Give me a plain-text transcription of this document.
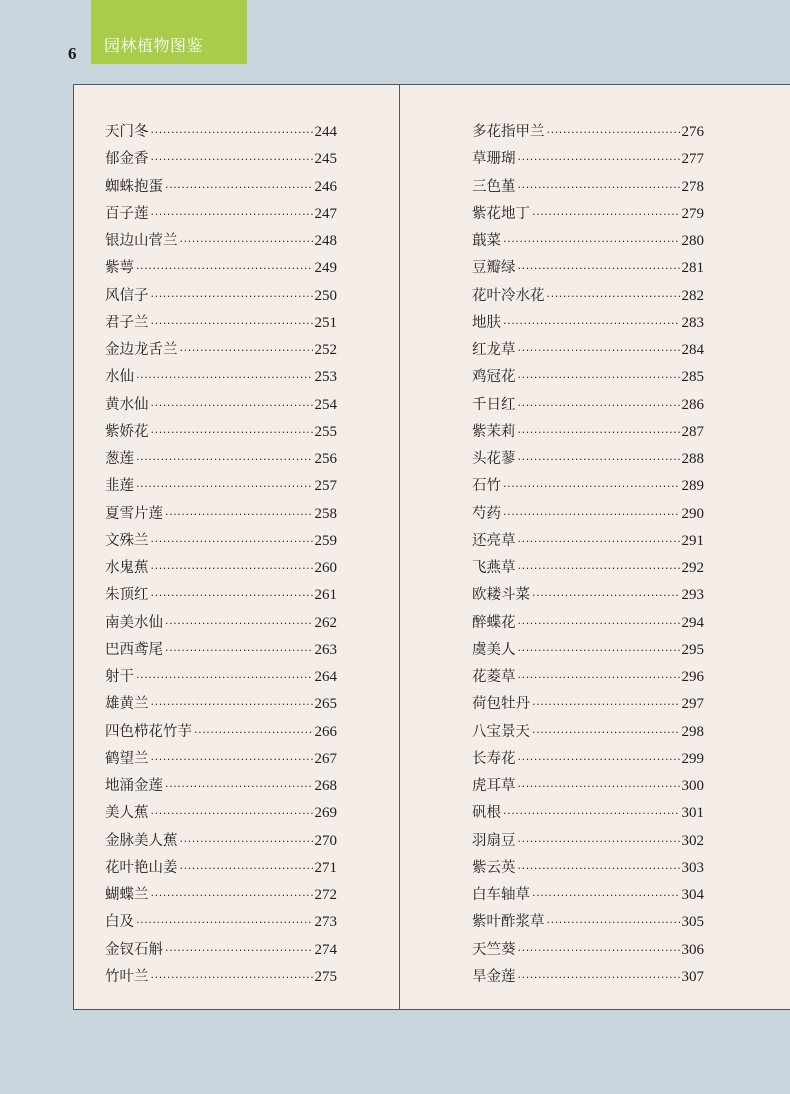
6 园林植物图鉴
天门冬 ·····	244
郁金香 ·····	245
蜘蛛抱蛋 ·····	246
百子莲 ·····	247
银边山菅兰 ·····	248
紫萼 ·····	249
风信子 ·····	250
君子兰 ·····	251
金边龙舌兰 ·····	252
水仙 ·····	253
黄水仙 ·····	254
紫娇花 ·····	255
葱莲 ·····	256
韭莲 ·····	257
夏雪片莲 ·····	258
文殊兰 ·····	259
水鬼蕉 ·····	260
朱顶红 ·····	261
南美水仙 ·····	262
巴西鸢尾 ·····	263
射干 ·····	264
雄黄兰 ·····	265
四色栉花竹芋 ·····	266
鹤望兰 ·····	267
地涌金莲 ·····	268
美人蕉 ·····	269
金脉美人蕉 ·····	270
花叶艳山姜 ·····	271
蝴蝶兰 ·····	272
白及 ·····	273
金钗石斛 ·····	274
竹叶兰 ·····	275
多花指甲兰 ·····	276
草珊瑚 ·····	277
三色堇 ·····	278
紫花地丁 ·····	279
蕺菜 ·····	280
豆瓣绿 ·····	281
花叶冷水花 ·····	282
地肤 ·····	283
红龙草 ·····	284
鸡冠花 ·····	285
千日红 ·····	286
紫茉莉 ·····	287
头花蓼 ·····	288
石竹 ·····	289
芍药 ·····	290
还亮草 ·····	291
飞燕草 ·····	292
欧耧斗菜 ·····	293
醉蝶花 ·····	294
虞美人 ·····	295
花菱草 ·····	296
荷包牡丹 ·····	297
八宝景天 ·····	298
长寿花 ·····	299
虎耳草 ·····	300
矾根 ·····	301
羽扇豆 ·····	302
紫云英 ·····	303
白车轴草 ·····	304
紫叶酢浆草 ·····	305
天竺葵 ·····	306
旱金莲 ·····	307
